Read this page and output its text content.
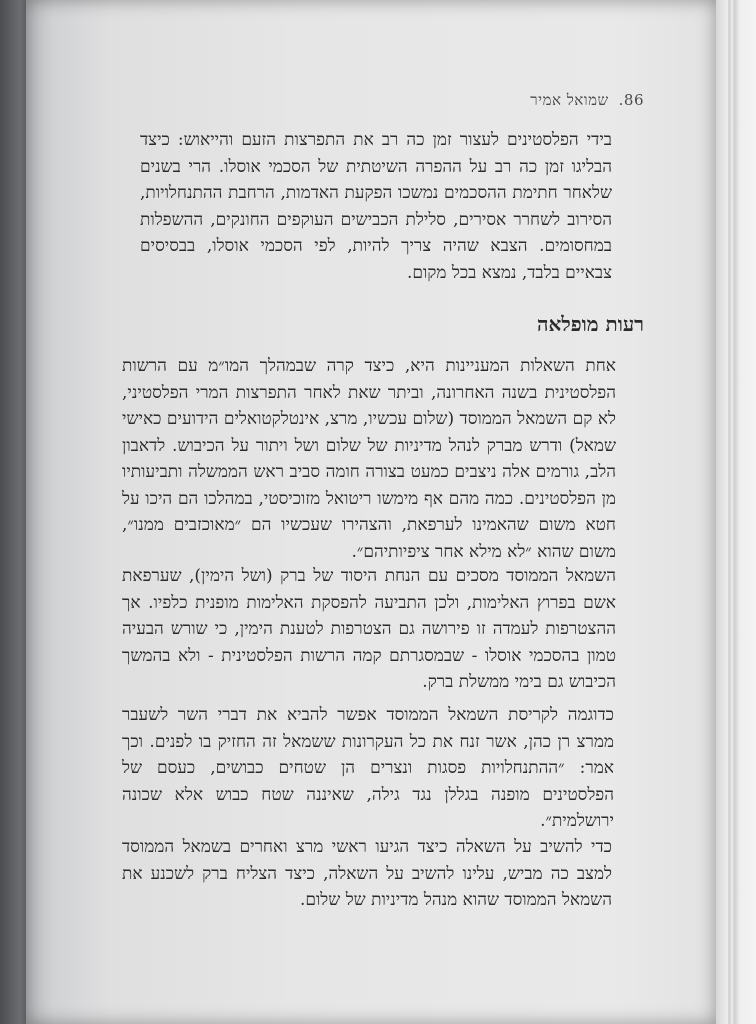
86.שמואל אמיר
בידי הפלסטינים לעצור זמן כה רב את התפרצות הזעם והייאוש: כיצד הבליגו זמן כה רב על ההפרה השיטתית של הסכמי אוסלו. הרי בשנים שלאחר חתימת ההסכמים נמשכו הפקעת האדמות, הרחבת ההתנחלויות, הסירוב לשחרר אסירים, סלילת הכבישים העוקפים החונקים, ההשפלות במחסומים. הצבא שהיה צריך להיות, לפי הסכמי אוסלו, בבסיסים צבאיים בלבד, נמצא בכל מקום.
רעות מופלאה
אחת השאלות המעניינות היא, כיצד קרה שבמהלך המו״מ עם הרשות הפלסטינית בשנה האחרונה, וביתר שאת לאחר התפרצות המרי הפלסטיני, לא קם השמאל הממוסד (שלום עכשיו, מרצ, אינטלקטואלים הידועים כאישי שמאל) ודרש מברק לנהל מדיניות של שלום ושל ויתור על הכיבוש. לדאבון הלב, גורמים אלה ניצבים כמעט בצורה חומה סביב ראש הממשלה ותביעותיו מן הפלסטינים. כמה מהם אף מימשו ריטואל מזוכיסטי, במהלכו הם היכו על חטא משום שהאמינו לערפאת, והצהירו שעכשיו הם ״מאוכזבים ממנו״, משום שהוא ״לא מילא אחר ציפיותיהם״.
השמאל הממוסד מסכים עם הנחת היסוד של ברק (ושל הימין), שערפאת אשם בפרוץ האלימות, ולכן התביעה להפסקת האלימות מופנית כלפיו. אך ההצטרפות לעמדה זו פירושה גם הצטרפות לטענת הימין, כי שורש הבעיה טמון בהסכמי אוסלו - שבמסגרתם קמה הרשות הפלסטינית - ולא בהמשך הכיבוש גם בימי ממשלת ברק.
כדוגמה לקריסת השמאל הממוסד אפשר להביא את דברי השר לשעבר ממרצ רן כהן, אשר זנח את כל העקרונות ששמאל זה החזיק בו לפנים. וכך אמר: ״ההתנחלויות פסגות ונצרים הן שטחים כבושים, כעסם של הפלסטינים מופנה בגללן נגד גילה, שאיננה שטח כבוש אלא שכונה ירושלמית״.
כדי להשיב על השאלה כיצד הגיעו ראשי מרצ ואחרים בשמאל הממוסד למצב כה מביש, עלינו להשיב על השאלה, כיצד הצליח ברק לשכנע את השמאל הממוסד שהוא מנהל מדיניות של שלום.
